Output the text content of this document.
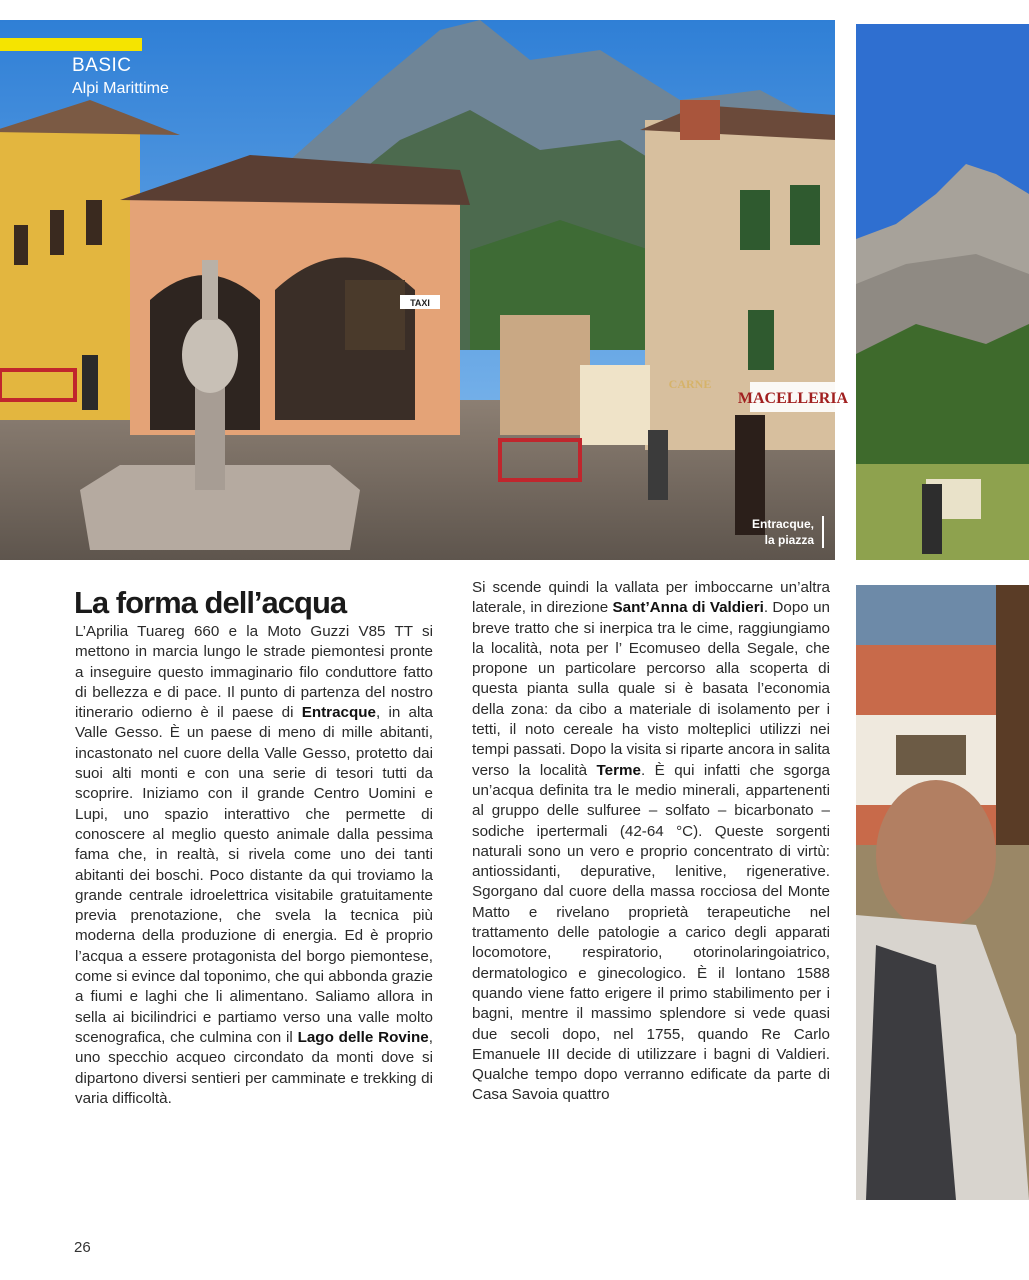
TAXI
MACELLERIA
CARNE
BASIC
Alpi Marittime
Entracque,
la piazza
La forma dell’acqua

L’Aprilia Tuareg 660 e la Moto Guzzi V85 TT si mettono in marcia lungo le strade piemontesi pronte a inseguire questo immaginario filo conduttore fatto di bellezza e di pace. Il punto di partenza del nostro itinerario odierno è il paese di Entracque, in alta Valle Gesso. È un paese di meno di mille abitanti, incastonato nel cuore della Valle Gesso, protetto dai suoi alti monti e con una serie di tesori tutti da scoprire. Iniziamo con il grande Centro Uomini e Lupi, uno spazio interattivo che permette di conoscere al meglio questo animale dalla pessima fama che, in realtà, si rivela come uno dei tanti abitanti dei boschi. Poco distante da qui troviamo la grande centrale idroelettrica visitabile gratuitamente previa prenotazione, che svela la tecnica più moderna della produzione di energia. Ed è proprio l’acqua a essere protagonista del borgo piemontese, come si evince dal toponimo, che qui abbonda grazie a fiumi e laghi che li alimentano. Saliamo allora in sella ai bicilindrici e partiamo verso una valle molto scenografica, che culmina con il Lago delle Rovine, uno specchio acqueo circondato da monti dove si dipartono diversi sentieri per camminate e trekking di varia difficoltà.

Si scende quindi la vallata per imboccarne un’altra laterale, in direzione Sant’Anna di Valdieri. Dopo un breve tratto che si inerpica tra le cime, raggiungiamo la località, nota per l’ Ecomuseo della Segale, che propone un particolare percorso alla scoperta di questa pianta sulla quale si è basata l’economia della zona: da cibo a materiale di isolamento per i tetti, il noto cereale ha visto molteplici utilizzi nei tempi passati. Dopo la visita si riparte ancora in salita verso la località Terme. È qui infatti che sgorga un’acqua definita tra le medio minerali, appartenenti al gruppo delle sulfuree – solfato – bicarbonato – sodiche ipertermali (42-64 °C). Queste sorgenti naturali sono un vero e proprio concentrato di virtù: antiossidanti, depurative, lenitive, rigenerative. Sgorgano dal cuore della massa rocciosa del Monte Matto e rivelano proprietà terapeutiche nel trattamento delle patologie a carico degli apparati locomotore, respiratorio, otorinolaringoiatrico, dermatologico e ginecologico. È il lontano 1588 quando viene fatto erigere il primo stabilimento per i bagni, mentre il massimo splendore si vede quasi due secoli dopo, nel 1755, quando Re Carlo Emanuele III decide di utilizzare i bagni di Valdieri. Qualche tempo dopo verranno edificate da parte di Casa Savoia quattro

26
